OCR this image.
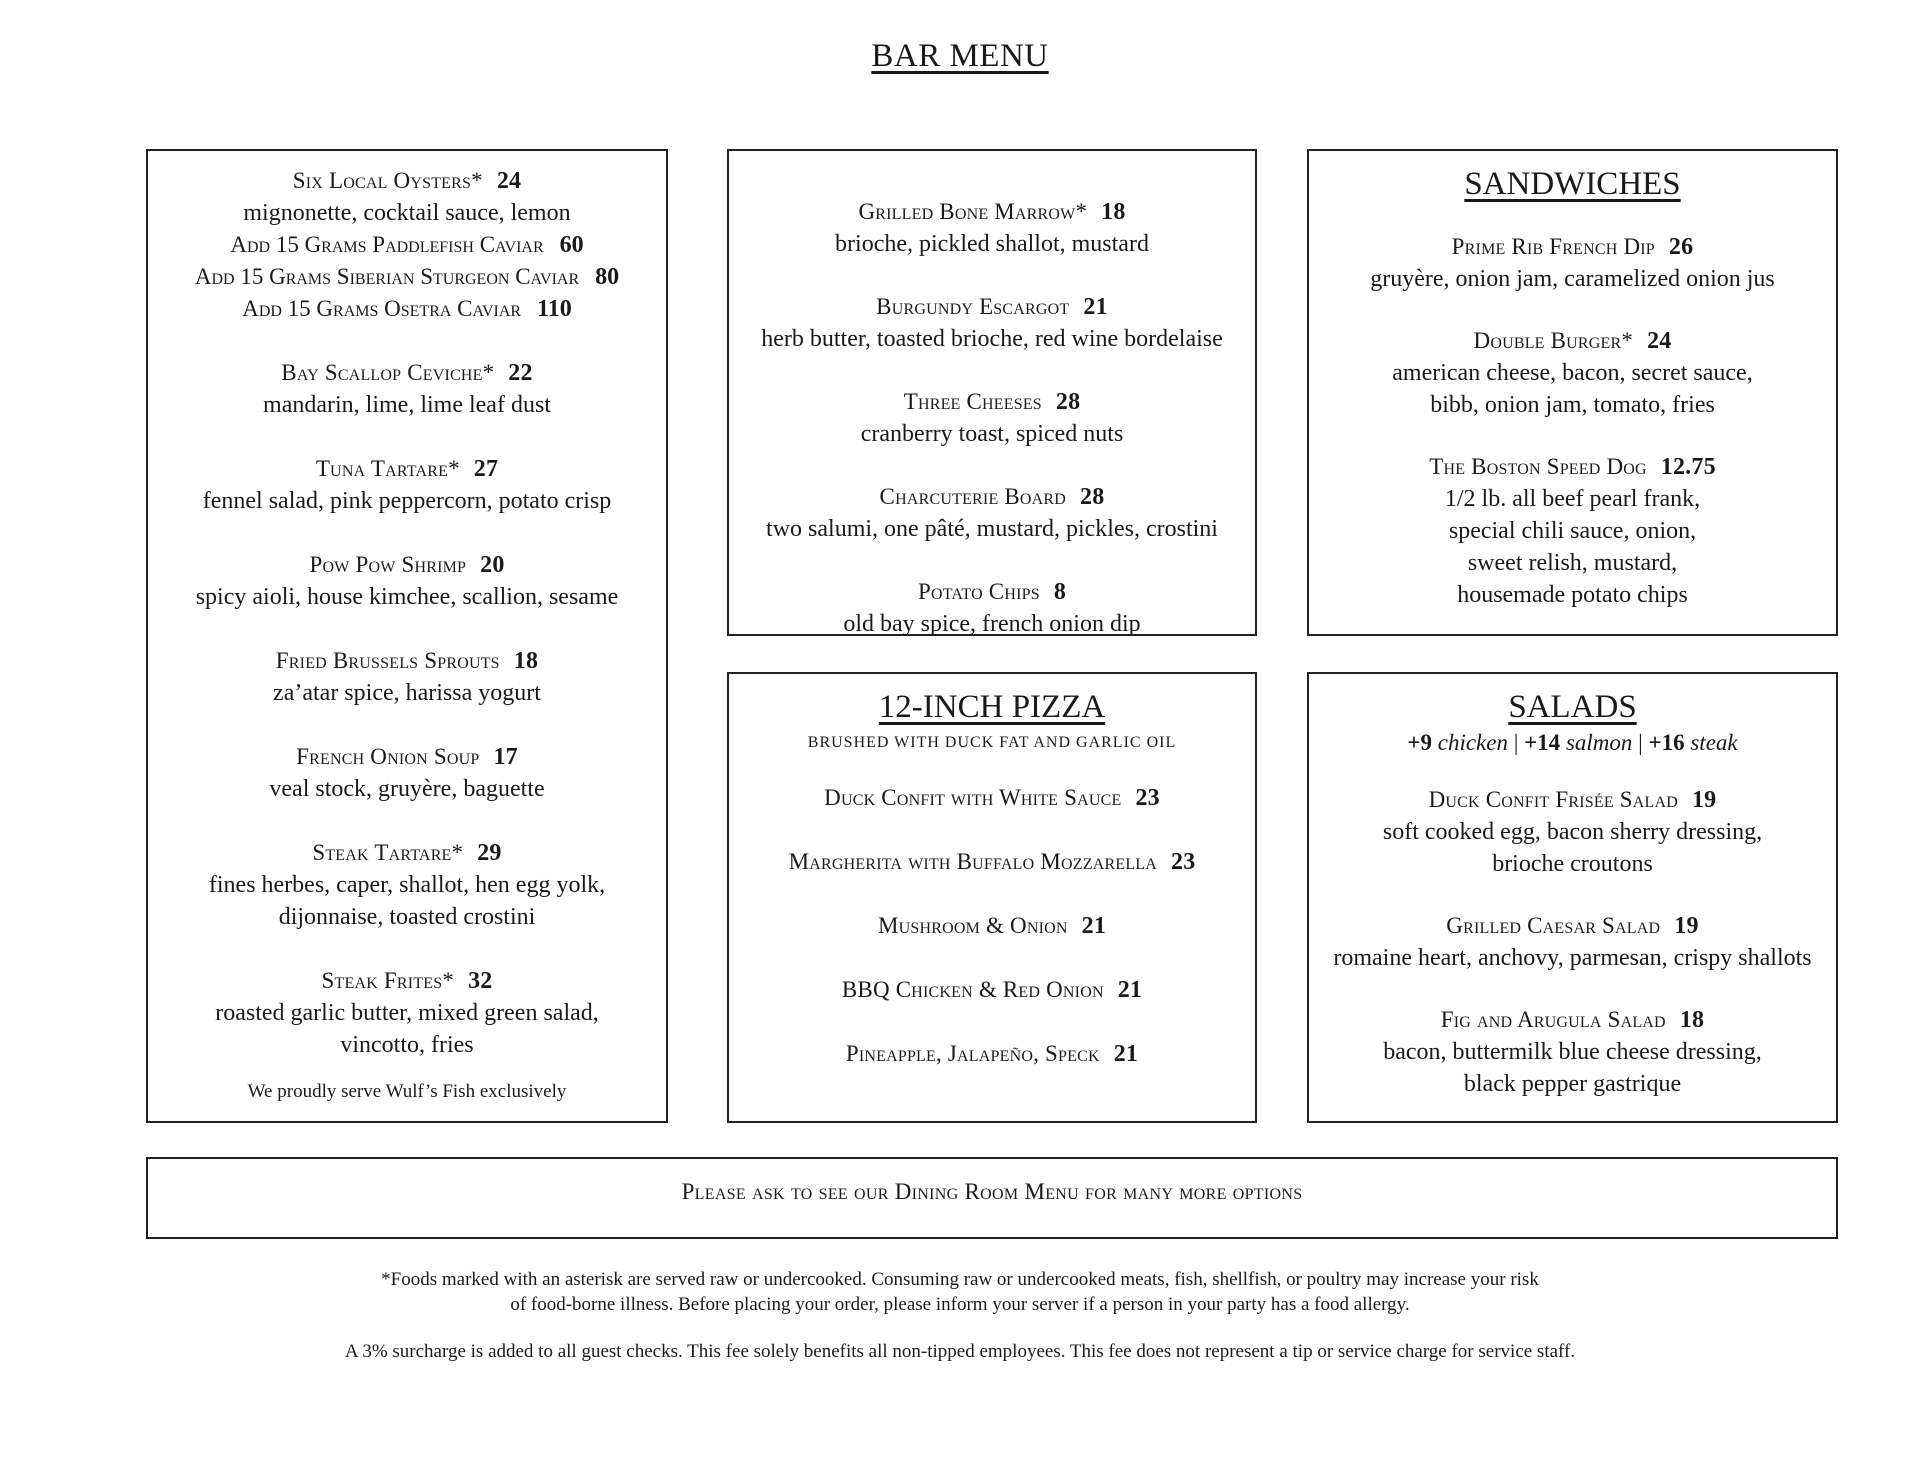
BAR MENU
Six Local Oysters* 24
mignonette, cocktail sauce, lemon
Add 15 Grams Paddlefish Caviar 60
Add 15 Grams Siberian Sturgeon Caviar 80
Add 15 Grams Osetra Caviar 110
Bay Scallop Ceviche* 22
mandarin, lime, lime leaf dust
Tuna Tartare* 27
fennel salad, pink peppercorn, potato crisp
Pow Pow Shrimp 20
spicy aioli, house kimchee, scallion, sesame
Fried Brussels Sprouts 18
za’atar spice, harissa yogurt
French Onion Soup 17
veal stock, gruyère, baguette
Steak Tartare* 29
fines herbes, caper, shallot, hen egg yolk,
dijonnaise, toasted crostini
Steak Frites* 32
roasted garlic butter, mixed green salad,
vincotto, fries
We proudly serve Wulf’s Fish exclusively
Grilled Bone Marrow* 18
brioche, pickled shallot, mustard
Burgundy Escargot 21
herb butter, toasted brioche, red wine bordelaise
Three Cheeses 28
cranberry toast, spiced nuts
Charcuterie Board 28
two salumi, one pâté, mustard, pickles, crostini
Potato Chips 8
old bay spice, french onion dip
SANDWICHES
Prime Rib French Dip 26
gruyère, onion jam, caramelized onion jus
Double Burger* 24
american cheese, bacon, secret sauce,
bibb, onion jam, tomato, fries
The Boston Speed Dog 12.75
1/2 lb. all beef pearl frank,
special chili sauce, onion,
sweet relish, mustard,
housemade potato chips
12-INCH PIZZA
BRUSHED WITH DUCK FAT AND GARLIC OIL
Duck Confit with White Sauce 23
Margherita with Buffalo Mozzarella 23
Mushroom & Onion 21
BBQ Chicken & Red Onion 21
Pineapple, Jalapeño, Speck 21
SALADS
+9 chicken | +14 salmon | +16 steak
Duck Confit Frisée Salad 19
soft cooked egg, bacon sherry dressing,
brioche croutons
Grilled Caesar Salad 19
romaine heart, anchovy, parmesan, crispy shallots
Fig and Arugula Salad 18
bacon, buttermilk blue cheese dressing,
black pepper gastrique
Please ask to see our Dining Room Menu for many more options
*Foods marked with an asterisk are served raw or undercooked. Consuming raw or undercooked meats, fish, shellfish, or poultry may increase your risk
of food-borne illness. Before placing your order, please inform your server if a person in your party has a food allergy.
A 3% surcharge is added to all guest checks. This fee solely benefits all non-tipped employees. This fee does not represent a tip or service charge for service staff.
